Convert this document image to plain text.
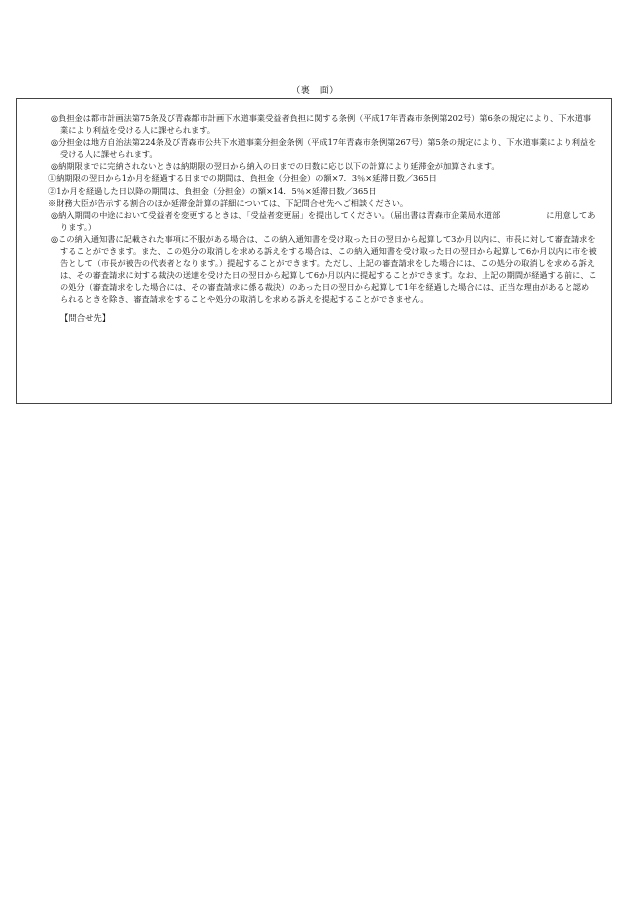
（裏　面）

◎負担金は都市計画法第75条及び青森都市計画下水道事業受益者負担に関する条例（平成17年青森市条例第202号）第6条の規定により、下水道事業により利益を受ける人に課せられます。

◎分担金は地方自治法第224条及び青森市公共下水道事業分担金条例（平成17年青森市条例第267号）第5条の規定により、下水道事業により利益を受ける人に課せられます。

◎納期限までに完納されないときは納期限の翌日から納入の日までの日数に応じ以下の計算により延滞金が加算されます。

①納期限の翌日から1か月を経過する日までの期間は、負担金（分担金）の額×7．3％×延滞日数／365日

②1か月を経過した日以降の期間は、負担金（分担金）の額×14．5％×延滞日数／365日

※財務大臣が告示する割合のほか延滞金計算の詳細については、下記問合せ先へご相談ください。

◎納入期間の中途において受益者を変更するときは、「受益者変更届」を提出してください。（届出書は青森市企業局水道部	に用意してあります。）

◎この納入通知書に記載された事項に不服がある場合は、この納入通知書を受け取った日の翌日から起算して3か月以内に、市長に対して審査請求をすることができます。また、この処分の取消しを求める訴えをする場合は、この納入通知書を受け取った日の翌日から起算して6か月以内に市を被告として（市長が被告の代表者となります。）提起することができます。ただし、上記の審査請求をした場合には、この処分の取消しを求める訴えは、その審査請求に対する裁決の送達を受けた日の翌日から起算して6か月以内に提起することができます。なお、上記の期間が経過する前に、この処分（審査請求をした場合には、その審査請求に係る裁決）のあった日の翌日から起算して1年を経過した場合には、正当な理由があると認められるときを除き、審査請求をすることや処分の取消しを求める訴えを提起することができません。

【問合せ先】
